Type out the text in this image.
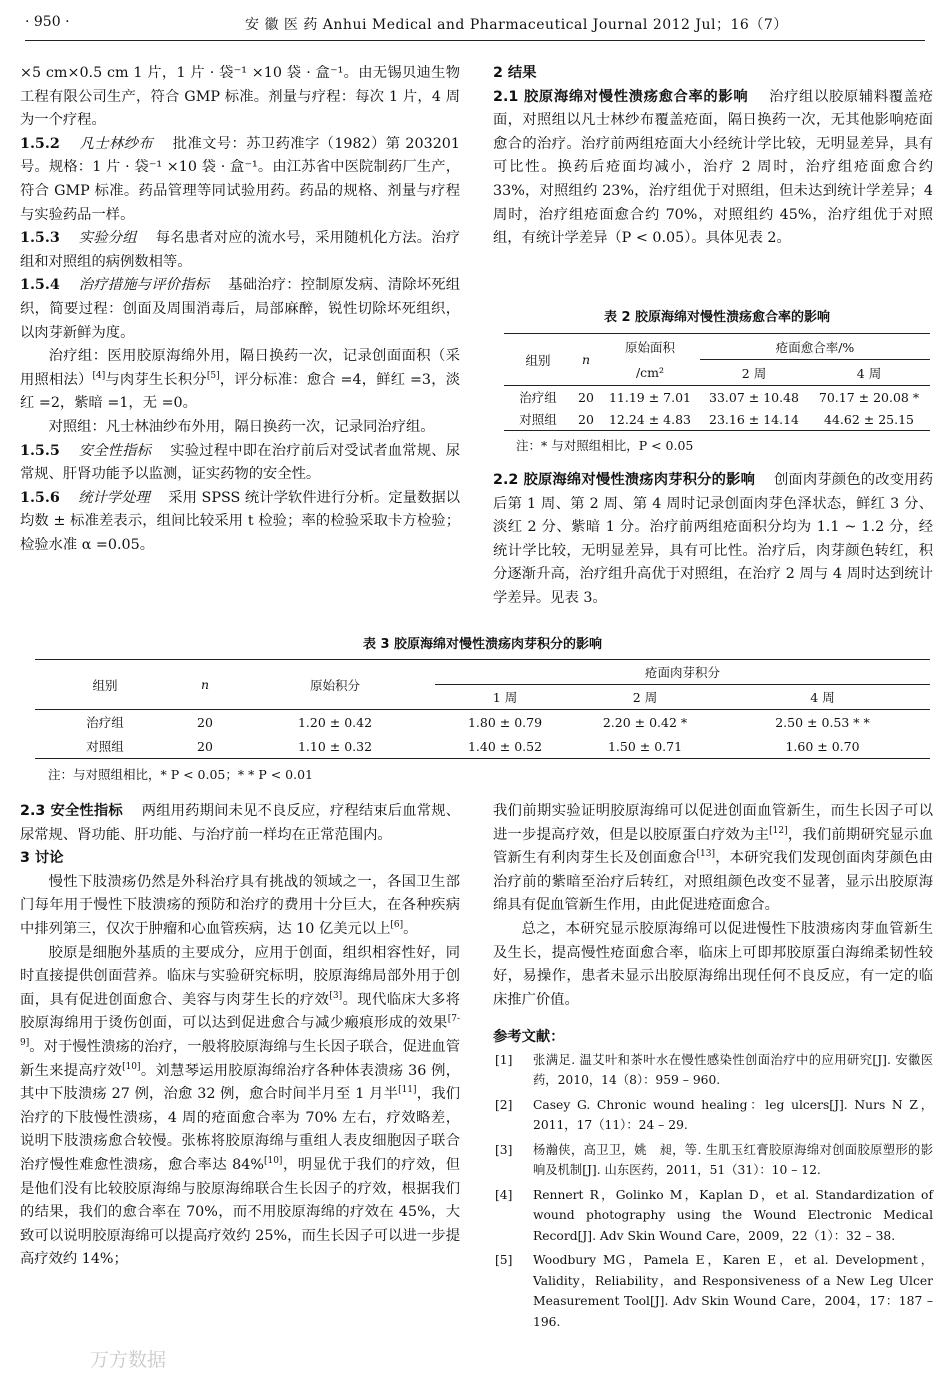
· 950 ·	安 徽 医 药 Anhui Medical and Pharmaceutical Journal 2012 Jul；16（7）

×5 cm×0.5 cm 1 片，1 片 · 袋⁻¹ ×10 袋 · 盒⁻¹。由无锡贝迪生物工程有限公司生产，符合 GMP 标准。剂量与疗程：每次 1 片，4 周为一个疗程。

1.5.2 凡士林纱布 批准文号：苏卫药准字（1982）第 203201 号。规格：1 片 · 袋⁻¹ ×10 袋 · 盒⁻¹。由江苏省中医院制药厂生产，符合 GMP 标准。药品管理等同试验用药。药品的规格、剂量与疗程与实验药品一样。

1.5.3 实验分组 每名患者对应的流水号，采用随机化方法。治疗组和对照组的病例数相等。

1.5.4 治疗措施与评价指标 基础治疗：控制原发病、清除坏死组织，简要过程：创面及周围消毒后，局部麻醉，锐性切除坏死组织，以肉芽新鲜为度。

治疗组：医用胶原海绵外用，隔日换药一次，记录创面面积（采用照相法）[4]与肉芽生长积分[5]，评分标准：愈合 =4，鲜红 =3，淡红 =2，紫暗 =1，无 =0。

对照组：凡士林油纱布外用，隔日换药一次，记录同治疗组。

1.5.5 安全性指标 实验过程中即在治疗前后对受试者血常规、尿常规、肝肾功能予以监测，证实药物的安全性。

1.5.6 统计学处理 采用 SPSS 统计学软件进行分析。定量数据以均数 ± 标准差表示，组间比较采用 t 检验；率的检验采取卡方检验；检验水准 α =0.05。

2 结果

2.1 胶原海绵对慢性溃疡愈合率的影响 治疗组以胶原辅料覆盖疮面，对照组以凡士林纱布覆盖疮面，隔日换药一次，无其他影响疮面愈合的治疗。治疗前两组疮面大小经统计学比较，无明显差异，具有可比性。换药后疮面均减小，治疗 2 周时，治疗组疮面愈合约 33%，对照组约 23%，治疗组优于对照组，但未达到统计学差异；4 周时，治疗组疮面愈合约 70%，对照组约 45%，治疗组优于对照组，有统计学差异（P < 0.05）。具体见表 2。

表 2 胶原海绵对慢性溃疡愈合率的影响
组别	n	原始面积	疮面愈合率/%	
		/cm²	2 周	4 周
治疗组	20	11.19 ± 7.01	33.07 ± 10.48	70.17 ± 20.08 *
对照组	20	12.24 ± 4.83	23.16 ± 14.14	44.62 ± 25.15
注：* 与对照组相比，P < 0.05

2.2 胶原海绵对慢性溃疡肉芽积分的影响 创面肉芽颜色的改变用药后第 1 周、第 2 周、第 4 周时记录创面肉芽色泽状态，鲜红 3 分、淡红 2 分、紫暗 1 分。治疗前两组疮面积分均为 1.1 ~ 1.2 分，经统计学比较，无明显差异，具有可比性。治疗后，肉芽颜色转红，积分逐渐升高，治疗组升高优于对照组，在治疗 2 周与 4 周时达到统计学差异。见表 3。

表 3 胶原海绵对慢性溃疡肉芽积分的影响
组别	n	原始积分	疮面肉芽积分		
			1 周	2 周	4 周
治疗组	20	1.20 ± 0.42	1.80 ± 0.79	2.20 ± 0.42 *	2.50 ± 0.53 * *
对照组	20	1.10 ± 0.32	1.40 ± 0.52	1.50 ± 0.71	1.60 ± 0.70
注：与对照组相比，* P < 0.05；* * P < 0.01

2.3 安全性指标 两组用药期间未见不良反应，疗程结束后血常规、尿常规、肾功能、肝功能、与治疗前一样均在正常范围内。

3 讨论

慢性下肢溃疡仍然是外科治疗具有挑战的领域之一，各国卫生部门每年用于慢性下肢溃疡的预防和治疗的费用十分巨大，在各种疾病中排列第三，仅次于肿瘤和心血管疾病，达 10 亿美元以上[6]。

胶原是细胞外基质的主要成分，应用于创面，组织相容性好，同时直接提供创面营养。临床与实验研究标明，胶原海绵局部外用于创面，具有促进创面愈合、美容与肉芽生长的疗效[3]。现代临床大多将胶原海绵用于烫伤创面，可以达到促进愈合与减少瘢痕形成的效果[7-9]。对于慢性溃疡的治疗，一般将胶原海绵与生长因子联合，促进血管新生来提高疗效[10]。刘慧琴运用胶原海绵治疗各种体表溃疡 36 例，其中下肢溃疡 27 例，治愈 32 例，愈合时间半月至 1 月半[11]，我们治疗的下肢慢性溃疡，4 周的疮面愈合率为 70% 左右，疗效略差，说明下肢溃疡愈合较慢。张栋将胶原海绵与重组人表皮细胞因子联合治疗慢性难愈性溃疡，愈合率达 84%[10]，明显优于我们的疗效，但是他们没有比较胶原海绵与胶原海绵联合生长因子的疗效，根据我们的结果，我们的愈合率在 70%，而不用胶原海绵的疗效在 45%，大致可以说明胶原海绵可以提高疗效约 25%，而生长因子可以进一步提高疗效约 14%；

我们前期实验证明胶原海绵可以促进创面血管新生，而生长因子可以进一步提高疗效，但是以胶原蛋白疗效为主[12]，我们前期研究显示血管新生有利肉芽生长及创面愈合[13]，本研究我们发现创面肉芽颜色由治疗前的紫暗至治疗后转红，对照组颜色改变不显著，显示出胶原海绵具有促血管新生作用，由此促进疮面愈合。

总之，本研究显示胶原海绵可以促进慢性下肢溃疡肉芽血管新生及生长，提高慢性疮面愈合率，临床上可即邦胶原蛋白海绵柔韧性较好，易操作，患者未显示出胶原海绵出现任何不良反应，有一定的临床推广价值。

参考文献：

[1] 张满足. 温艾叶和茶叶水在慢性感染性创面治疗中的应用研究[J]. 安徽医药，2010，14（8）：959 – 960.
[2] Casey G. Chronic wound healing：leg ulcers[J]. Nurs N Z，2011，17（11）：24 – 29.
[3] 杨瀚侠，高卫卫，姚　昶，等. 生肌玉红膏胶原海绵对创面胶原塑形的影响及机制[J]. 山东医药，2011，51（31）：10 – 12.
[4] Rennert R，Golinko M，Kaplan D，et al. Standardization of wound photography using the Wound Electronic Medical Record[J]. Adv Skin Wound Care，2009，22（1）：32 – 38.
[5] Woodbury MG，Pamela E，Karen E，et al. Development，Validity，Reliability，and Responsiveness of a New Leg Ulcer Measurement Tool[J]. Adv Skin Wound Care，2004，17：187 – 196.
万方数据
